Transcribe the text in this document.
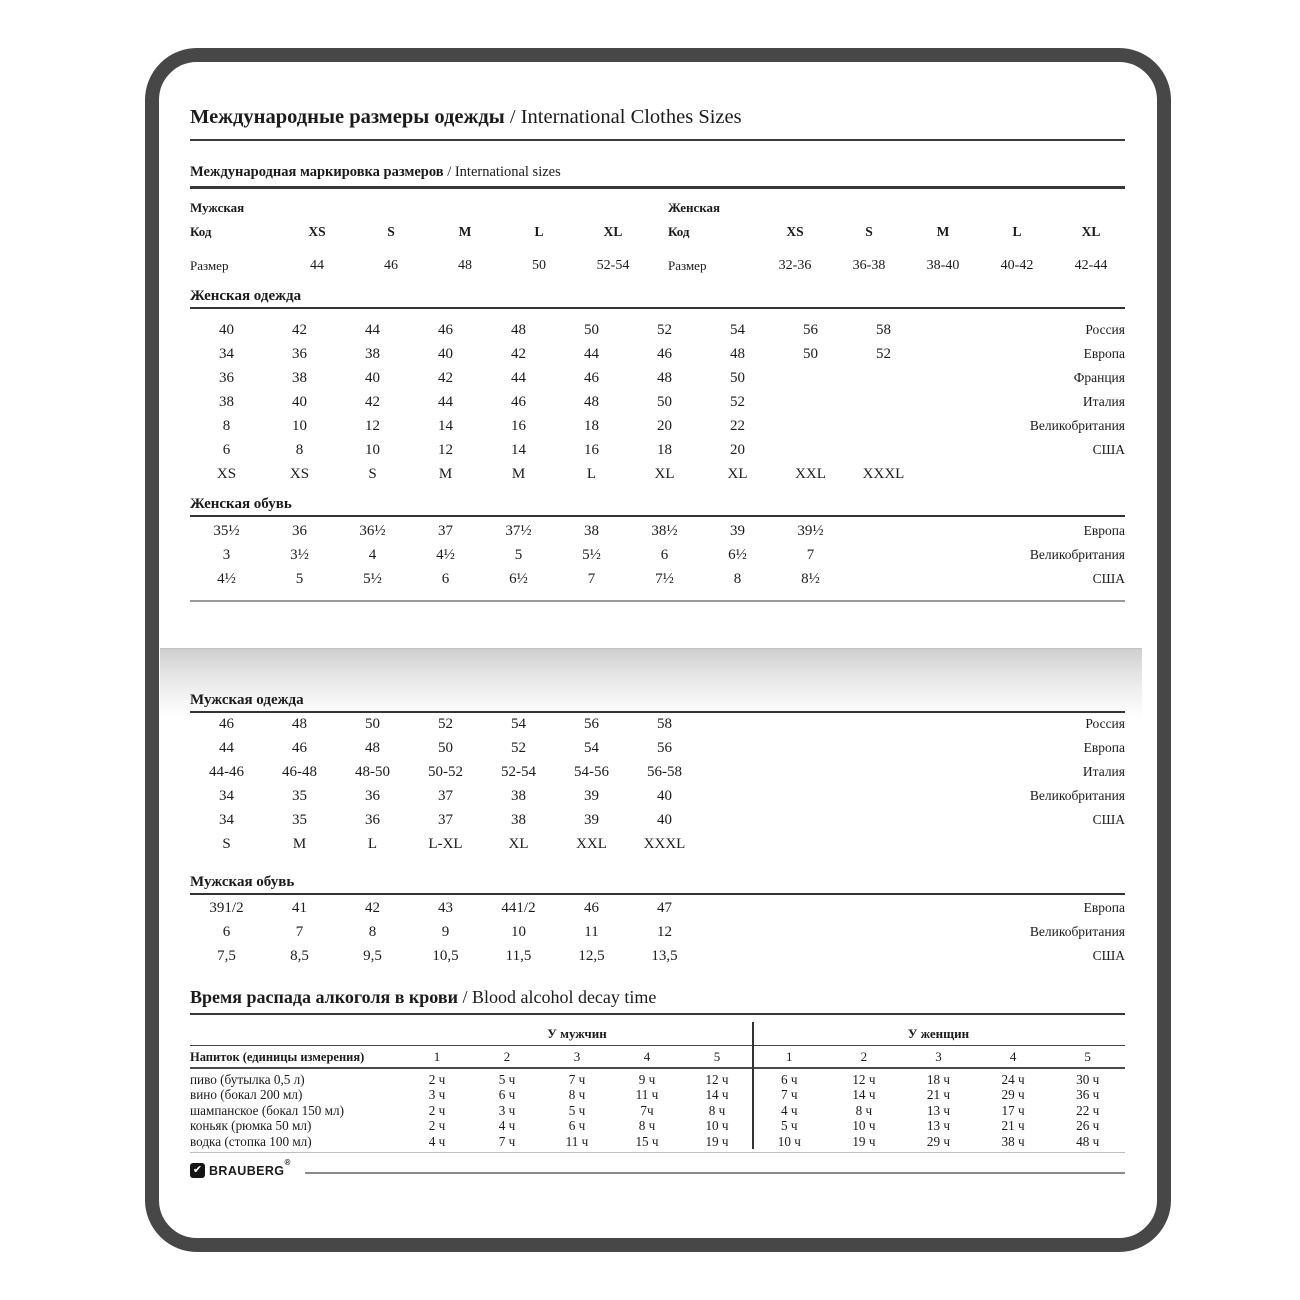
Международные размеры одежды / International Clothes Sizes
Международная маркировка размеров / International sizes
Мужская
Код	XS	S	M	L	XL
Размер	44	46	48	50	52-54
Женская
Код	XS	S	M	L	XL
Размер	32-36	36-38	38-40	40-42	42-44
Женская одежда
40	42	44	46	48	50	52	54	56	58	Россия
34	36	38	40	42	44	46	48	50	52	Европа
36	38	40	42	44	46	48	50	Франция
38	40	42	44	46	48	50	52	Италия
8	10	12	14	16	18	20	22	Великобритания
6	8	10	12	14	16	18	20	США
XS	XS	S	M	M	L	XL	XL	XXL	XXXL
Женская обувь
35½	36	36½	37	37½	38	38½	39	39½	Европа
3	3½	4	4½	5	5½	6	6½	7	Великобритания
4½	5	5½	6	6½	7	7½	8	8½	США
Мужская одежда
46	48	50	52	54	56	58	Россия
44	46	48	50	52	54	56	Европа
44-46	46-48	48-50	50-52	52-54	54-56	56-58	Италия
34	35	36	37	38	39	40	Великобритания
34	35	36	37	38	39	40	США
S	M	L	L-XL	XL	XXL	XXXL
Мужская обувь
391/2	41	42	43	441/2	46	47	Европа
6	7	8	9	10	11	12	Великобритания
7,5	8,5	9,5	10,5	11,5	12,5	13,5	США
Время распада алкоголя в крови / Blood alcohol decay time
У мужчин	У женщин
Напиток (единицы измерения)	1	2	3	4	5	1	2	3	4	5
пиво (бутылка 0,5 л)	2 ч	5 ч	7 ч	9 ч	12 ч	6 ч	12 ч	18 ч	24 ч	30 ч
вино (бокал 200 мл)	3 ч	6 ч	8 ч	11 ч	14 ч	7 ч	14 ч	21 ч	29 ч	36 ч
шампанское (бокал 150 мл)	2 ч	3 ч	5 ч	7ч	8 ч	4 ч	8 ч	13 ч	17 ч	22 ч
коньяк (рюмка 50 мл)	2 ч	4 ч	6 ч	8 ч	10 ч	5 ч	10 ч	13 ч	21 ч	26 ч
водка (стопка 100 мл)	4 ч	7 ч	11 ч	15 ч	19 ч	10 ч	19 ч	29 ч	38 ч	48 ч
✔ BRAUBERG®
